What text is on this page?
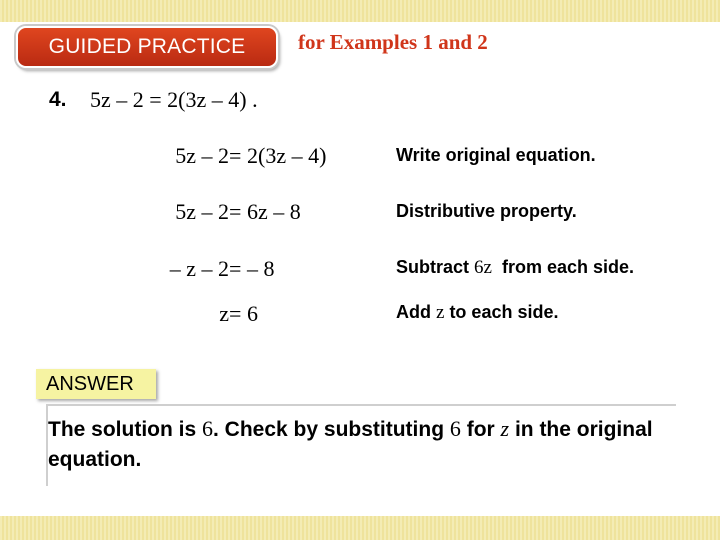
GUIDED PRACTICE	for Examples 1 and 2
4. 5z – 2 = 2(3z – 4) .
5z – 2 = 2(3z – 4)	Write original equation.
5z – 2 = 6z – 8	Distributive property.
– z – 2 = – 8	Subtract 6z  from each side.
z = 6	Add z to each side.
ANSWER
The solution is 6. Check by substituting 6 for z in the original equation.
